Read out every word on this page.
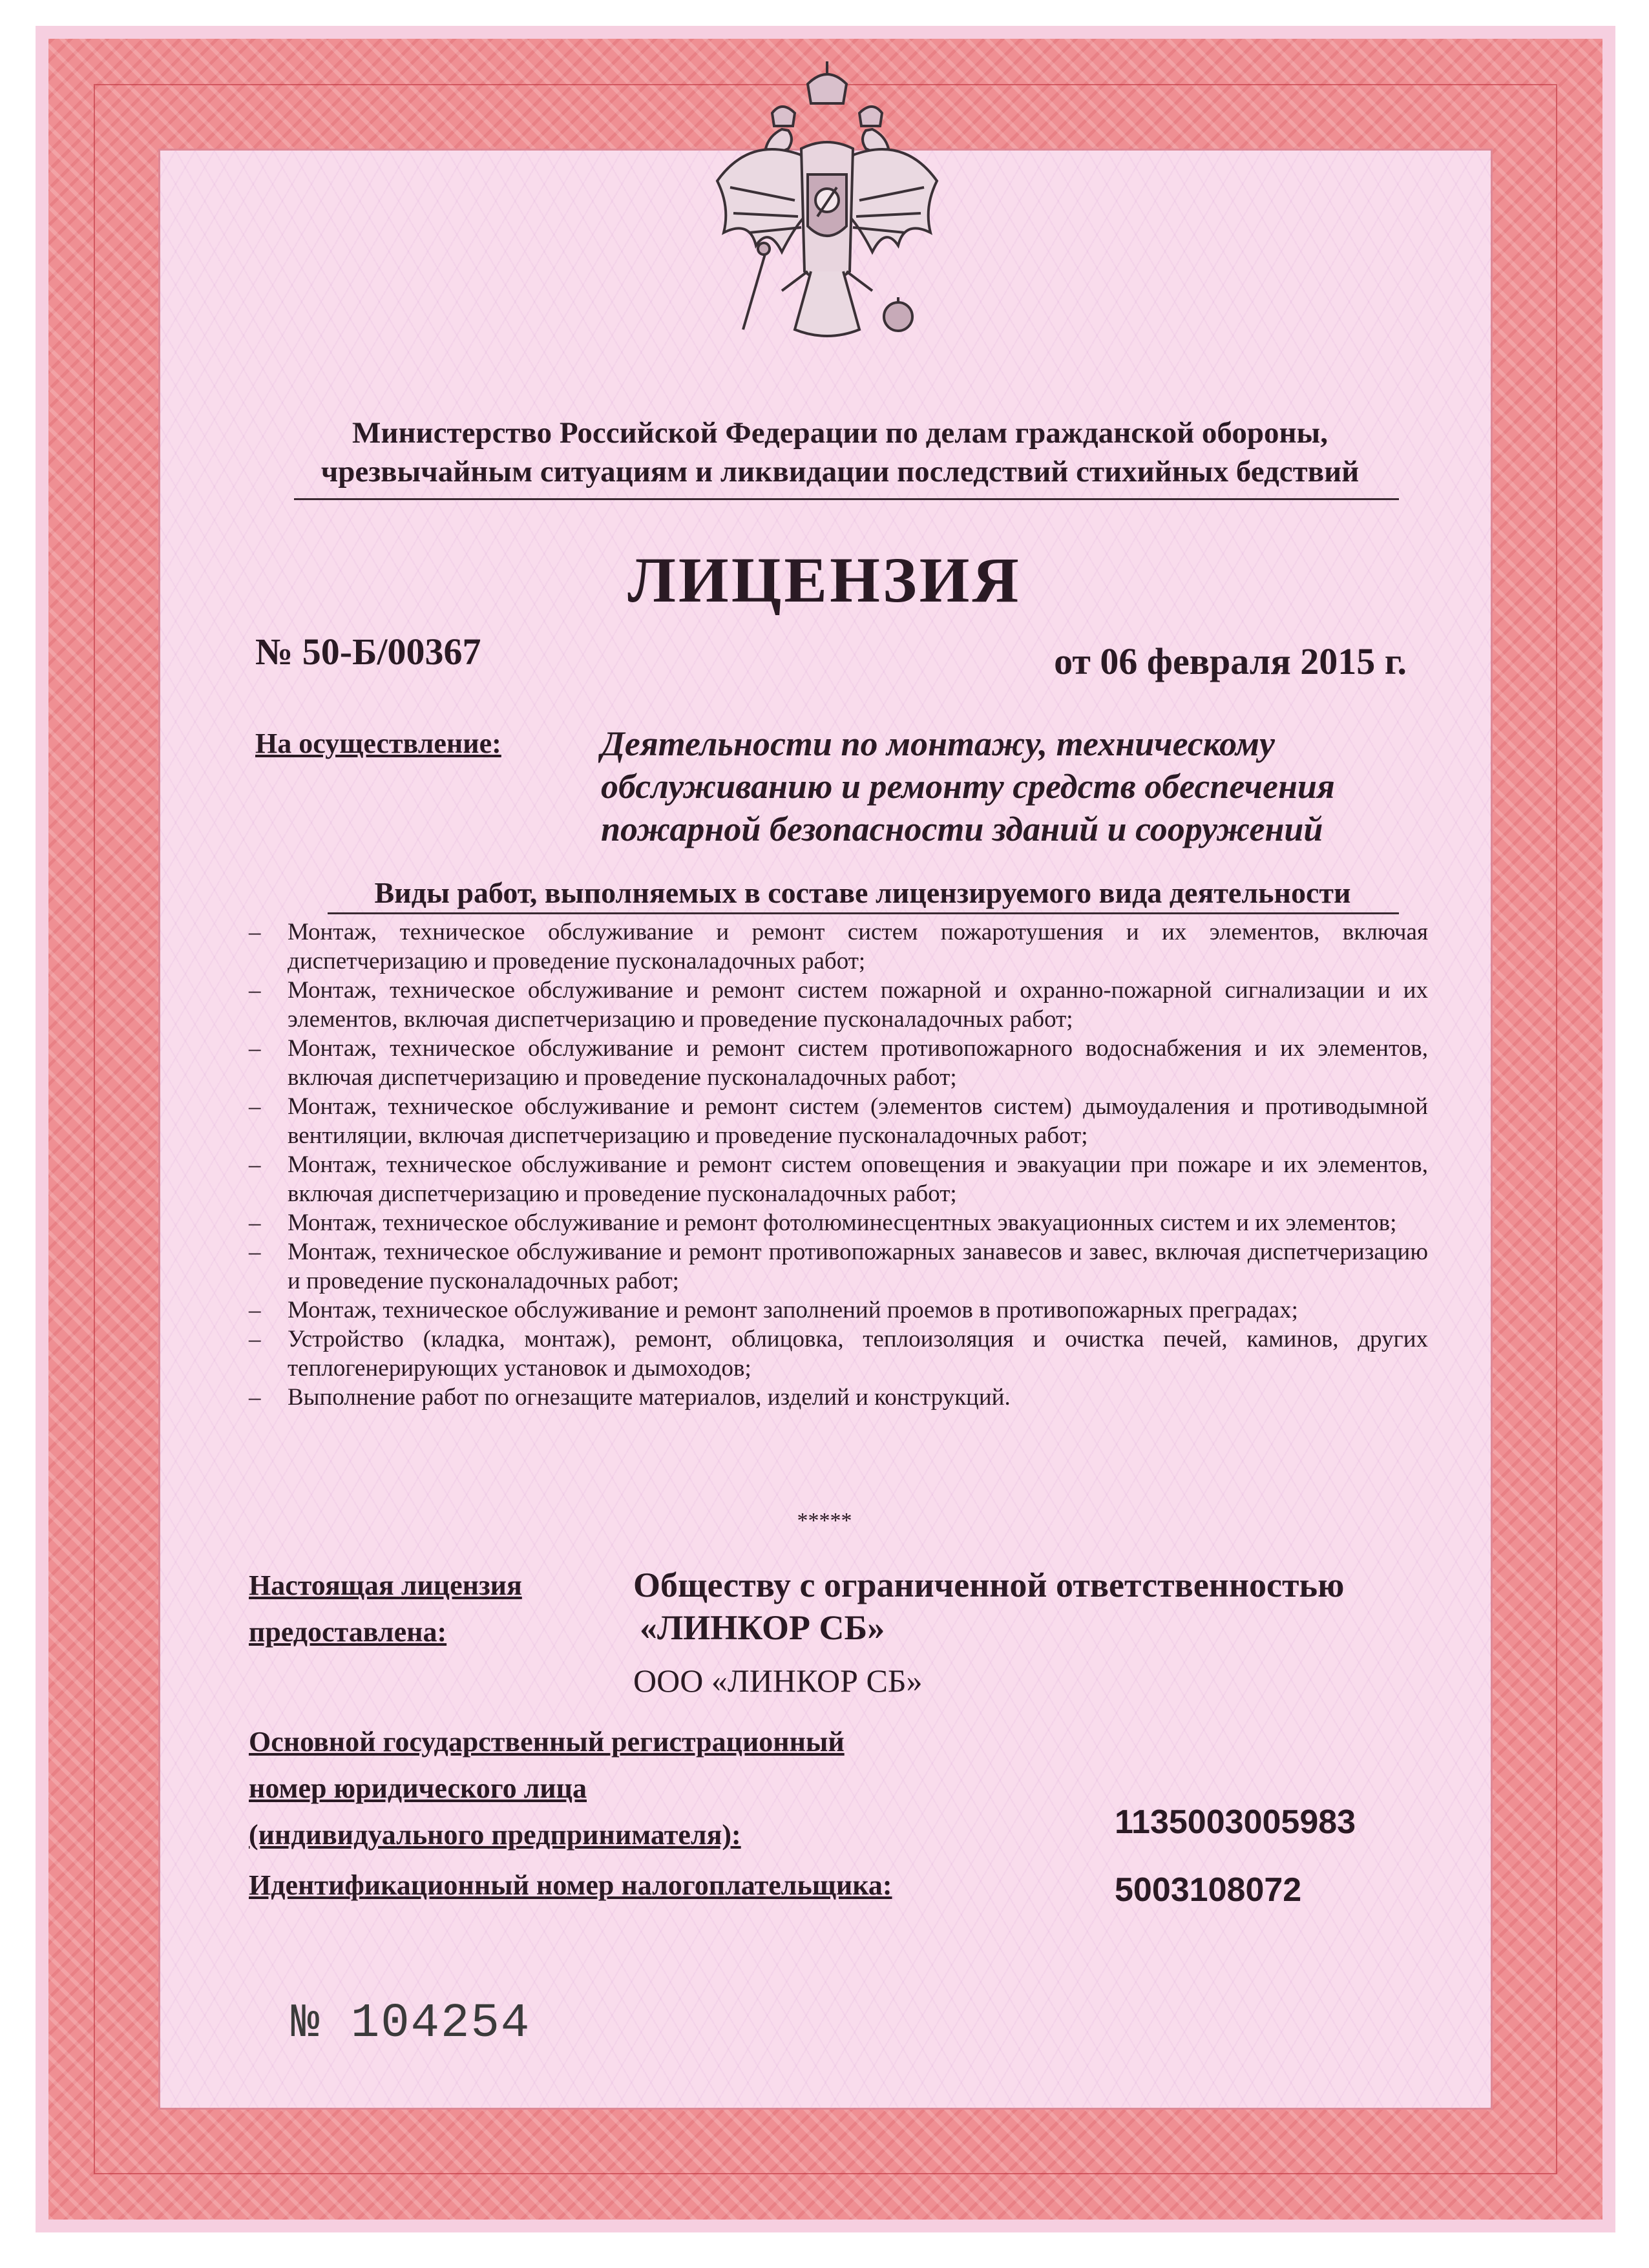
Министерство Российской Федерации по делам гражданской обороны,
чрезвычайным ситуациям и ликвидации последствий стихийных бедствий
ЛИЦЕНЗИЯ
№ 50-Б/00367	от 06 февраля 2015 г.
На осуществление:	Деятельности по монтажу, техническому обслуживанию и ремонту средств обеспечения пожарной безопасности зданий и сооружений
Виды работ, выполняемых в составе лицензируемого вида деятельности
– Монтаж, техническое обслуживание и ремонт систем пожаротушения и их элементов, включая диспетчеризацию и проведение пусконаладочных работ;
– Монтаж, техническое обслуживание и ремонт систем пожарной и охранно-пожарной сигнализации и их элементов, включая диспетчеризацию и проведение пусконаладочных работ;
– Монтаж, техническое обслуживание и ремонт систем противопожарного водоснабжения и их элементов, включая диспетчеризацию и проведение пусконаладочных работ;
– Монтаж, техническое обслуживание и ремонт систем (элементов систем) дымоудаления и противодымной вентиляции, включая диспетчеризацию и проведение пусконаладочных работ;
– Монтаж, техническое обслуживание и ремонт систем оповещения и эвакуации при пожаре и их элементов, включая диспетчеризацию и проведение пусконаладочных работ;
– Монтаж, техническое обслуживание и ремонт фотолюминесцентных эвакуационных систем и их элементов;
– Монтаж, техническое обслуживание и ремонт противопожарных занавесов и завес, включая диспетчеризацию и проведение пусконаладочных работ;
– Монтаж, техническое обслуживание и ремонт заполнений проемов в противопожарных преградах;
– Устройство (кладка, монтаж), ремонт, облицовка, теплоизоляция и очистка печей, каминов, других теплогенерирующих установок и дымоходов;
– Выполнение работ по огнезащите материалов, изделий и конструкций.
*****
Настоящая лицензия
предоставлена:
Обществу с ограниченной ответственностью
«ЛИНКОР СБ»
ООО «ЛИНКОР СБ»
Основной государственный регистрационный
номер юридического лица
(индивидуального предпринимателя):	1135003005983
Идентификационный номер налогоплательщика:	5003108072
№ 104254
